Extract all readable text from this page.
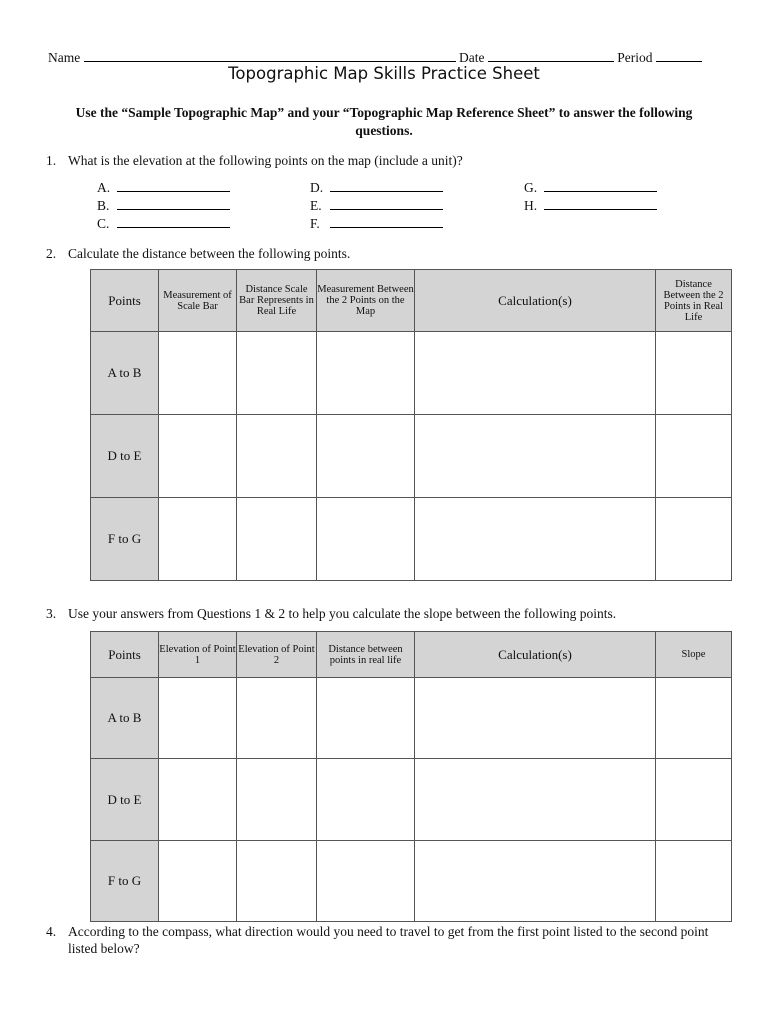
Name	Date	Period
Topographic Map Skills Practice Sheet
Use the “Sample Topographic Map” and your “Topographic Map Reference Sheet” to answer the following questions.
1. What is the elevation at the following points on the map (include a unit)?
A.
B.
C.
D.
E.
F.
G.
H.
2. Calculate the distance between the following points.
Points	Measurement of Scale Bar	Distance Scale Bar Represents in Real Life	Measurement Between the 2 Points on the Map	Calculation(s)	Distance Between the 2 Points in Real Life
A to B					
D to E					
F to G					
3. Use your answers from Questions 1 & 2 to help you calculate the slope between the following points.
Points	Elevation of Point 1	Elevation of Point 2	Distance between points in real life	Calculation(s)	Slope
A to B					
D to E					
F to G					
4. According to the compass, what direction would you need to travel to get from the first point listed to the second point listed below?
